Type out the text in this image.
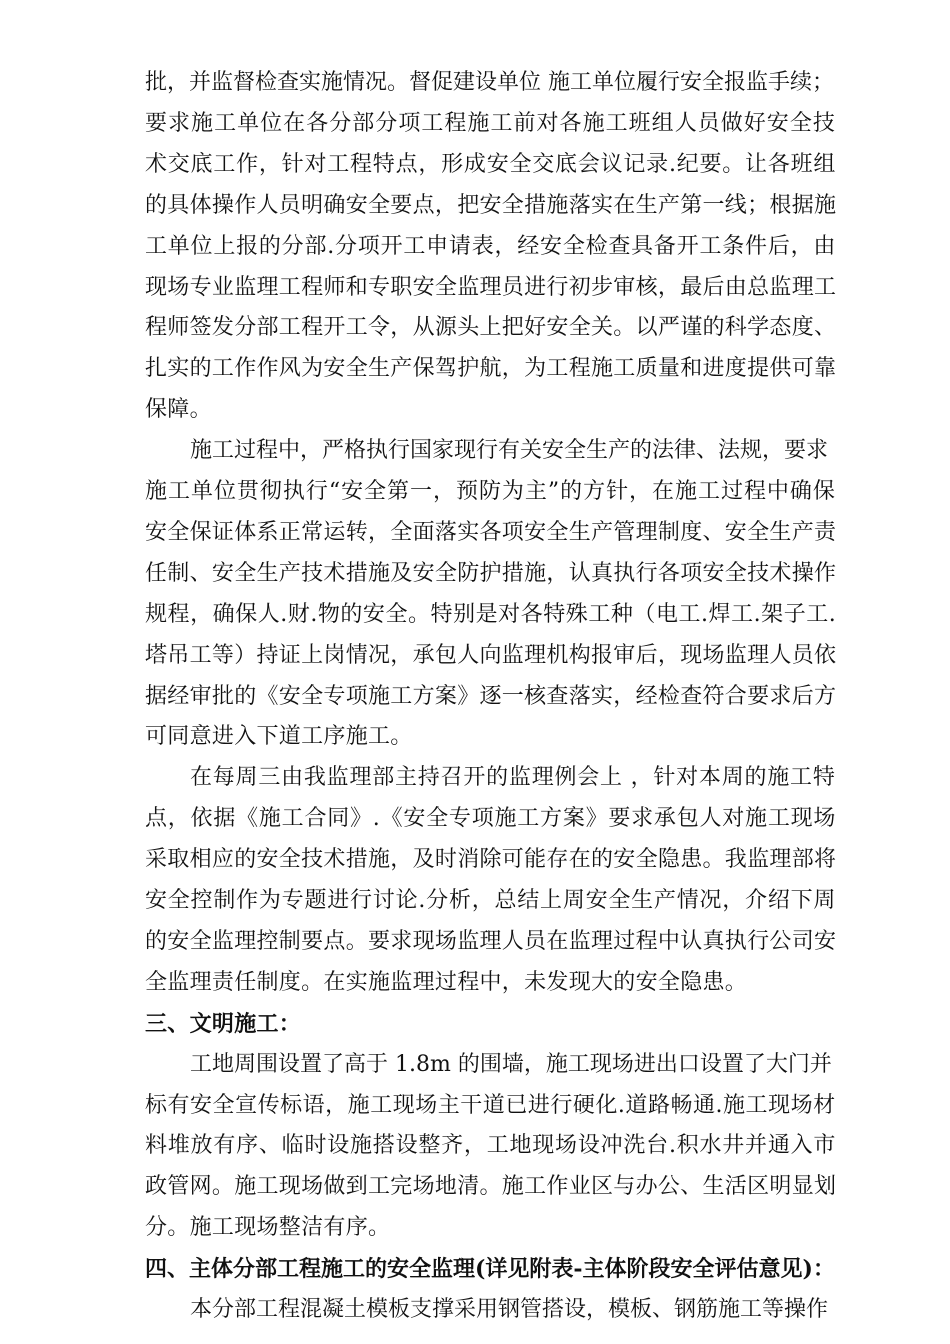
批，并监督检查实施情况。督促建设单位 施工单位履行安全报监手续；
要求施工单位在各分部分项工程施工前对各施工班组人员做好安全技
术交底工作，针对工程特点，形成安全交底会议记录.纪要。让各班组
的具体操作人员明确安全要点，把安全措施落实在生产第一线；根据施
工单位上报的分部.分项开工申请表，经安全检查具备开工条件后，由
现场专业监理工程师和专职安全监理员进行初步审核，最后由总监理工
程师签发分部工程开工令，从源头上把好安全关。以严谨的科学态度、
扎实的工作作风为安全生产保驾护航，为工程施工质量和进度提供可靠
保障。
施工过程中，严格执行国家现行有关安全生产的法律、法规，要求
施工单位贯彻执行“安全第一，预防为主”的方针，在施工过程中确保
安全保证体系正常运转，全面落实各项安全生产管理制度、安全生产责
任制、安全生产技术措施及安全防护措施，认真执行各项安全技术操作
规程，确保人.财.物的安全。特别是对各特殊工种（电工.焊工.架子工.
塔吊工等）持证上岗情况，承包人向监理机构报审后，现场监理人员依
据经审批的《安全专项施工方案》逐一核查落实，经检查符合要求后方
可同意进入下道工序施工。
在每周三由我监理部主持召开的监理例会上 ，针对本周的施工特
点，依据《施工合同》.《安全专项施工方案》要求承包人对施工现场
采取相应的安全技术措施，及时消除可能存在的安全隐患。我监理部将
安全控制作为专题进行讨论.分析，总结上周安全生产情况，介绍下周
的安全监理控制要点。要求现场监理人员在监理过程中认真执行公司安
全监理责任制度。在实施监理过程中，未发现大的安全隐患。
三、文明施工：
工地周围设置了高于 1.8m 的围墙，施工现场进出口设置了大门并
标有安全宣传标语，施工现场主干道已进行硬化.道路畅通.施工现场材
料堆放有序、临时设施搭设整齐，工地现场设冲洗台.积水井并通入市
政管网。施工现场做到工完场地清。施工作业区与办公、生活区明显划
分。施工现场整洁有序。
四、主体分部工程施工的安全监理(详见附表-主体阶段安全评估意见)：
本分部工程混凝土模板支撑采用钢管搭设，模板、钢筋施工等操作
